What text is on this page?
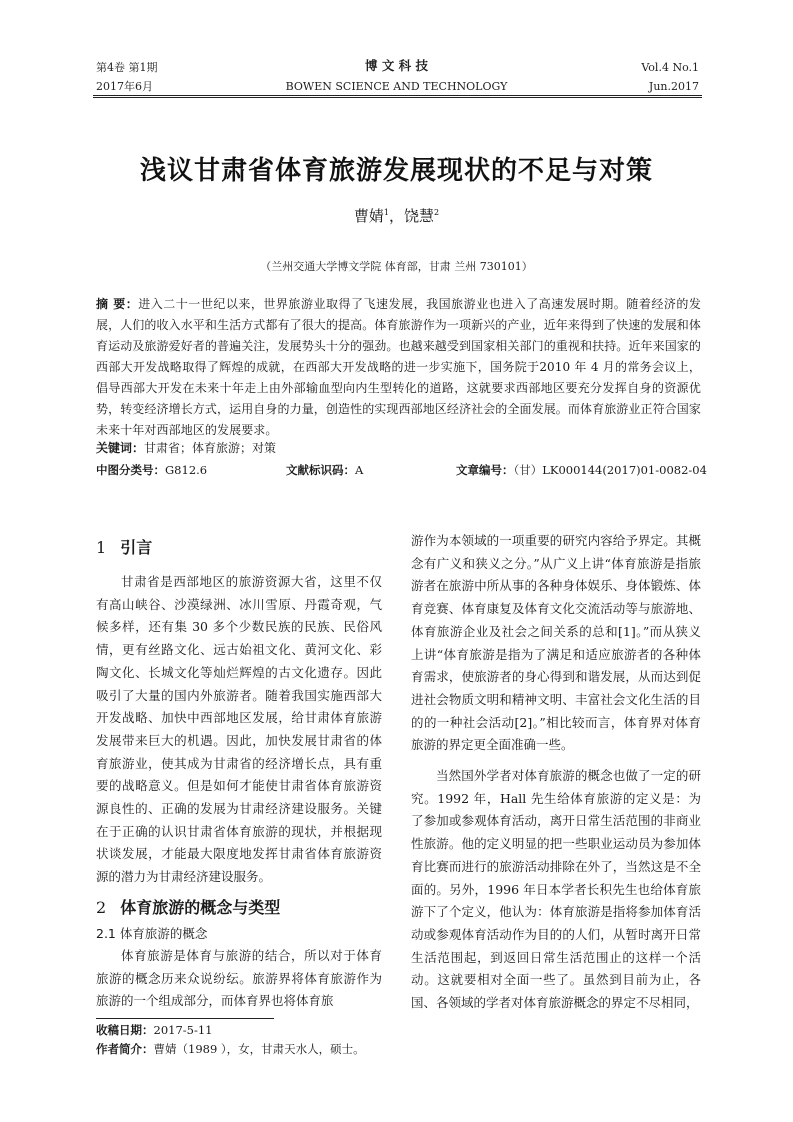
第4卷 第1期
2017年6月
博 文 科 技
BOWEN SCIENCE AND TECHNOLOGY
Vol.4 No.1
Jun.2017
浅议甘肃省体育旅游发展现状的不足与对策
曹婧$^1$，饶慧$^2$
（兰州交通大学博文学院 体育部，甘肃 兰州 730101）
摘 要：进入二十一世纪以来，世界旅游业取得了飞速发展，我国旅游业也进入了高速发展时期。随着经济的发展，人们的收入水平和生活方式都有了很大的提高。体育旅游作为一项新兴的产业，近年来得到了快速的发展和体育运动及旅游爱好者的普遍关注，发展势头十分的强劲。也越来越受到国家相关部门的重视和扶持。近年来国家的西部大开发战略取得了辉煌的成就，在西部大开发战略的进一步实施下，国务院于2010 年 4 月的常务会议上，倡导西部大开发在未来十年走上由外部输血型向内生型转化的道路，这就要求西部地区要充分发挥自身的资源优势，转变经济增长方式，运用自身的力量，创造性的实现西部地区经济社会的全面发展。而体育旅游业正符合国家未来十年对西部地区的发展要求。
关键词：甘肃省；体育旅游；对策
中图分类号：G812.6	文献标识码：A	文章编号：（甘）LK000144(2017)01-0082-04
1 引言

甘肃省是西部地区的旅游资源大省，这里不仅有高山峡谷、沙漠绿洲、冰川雪原、丹霞奇观，气候多样，还有集 30 多个少数民族的民族、民俗风情，更有丝路文化、远古始祖文化、黄河文化、彩陶文化、长城文化等灿烂辉煌的古文化遗存。因此吸引了大量的国内外旅游者。随着我国实施西部大开发战略、加快中西部地区发展，给甘肃体育旅游发展带来巨大的机遇。因此，加快发展甘肃省的体育旅游业，使其成为甘肃省的经济增长点，具有重要的战略意义。但是如何才能使甘肃省体育旅游资源良性的、正确的发展为甘肃经济建设服务。关键在于正确的认识甘肃省体育旅游的现状，并根据现状谈发展，才能最大限度地发挥甘肃省体育旅游资源的潜力为甘肃经济建设服务。

2 体育旅游的概念与类型
2.1 体育旅游的概念

体育旅游是体育与旅游的结合，所以对于体育旅游的概念历来众说纷纭。旅游界将体育旅游作为旅游的一个组成部分，而体育界也将体育旅

游作为本领域的一项重要的研究内容给予界定。其概念有广义和狭义之分。”从广义上讲“体育旅游是指旅游者在旅游中所从事的各种身体娱乐、身体锻炼、体育竞赛、体育康复及体育文化交流活动等与旅游地、体育旅游企业及社会之间关系的总和[1]。”而从狭义上讲“体育旅游是指为了满足和适应旅游者的各种体育需求，使旅游者的身心得到和谐发展，从而达到促进社会物质文明和精神文明、丰富社会文化生活的目的的一种社会活动[2]。”相比较而言，体育界对体育旅游的界定更全面准确一些。

当然国外学者对体育旅游的概念也做了一定的研究。1992 年，Hall 先生给体育旅游的定义是：为了参加或参观体育活动，离开日常生活范围的非商业性旅游。他的定义明显的把一些职业运动员为参加体育比赛而进行的旅游活动排除在外了，当然这是不全面的。另外，1996 年日本学者长积先生也给体育旅游下了个定义，他认为：体育旅游是指将参加体育活动或参观体育活动作为目的的人们，从暂时离开日常生活范围起，到返回日常生活范围止的这样一个活动。这就要相对全面一些了。虽然到目前为止，各国、各领域的学者对体育旅游概念的界定不尽相同，

收稿日期：2017-5-11
作者简介：曹婧（1989 ），女，甘肃天水人，硕士。
